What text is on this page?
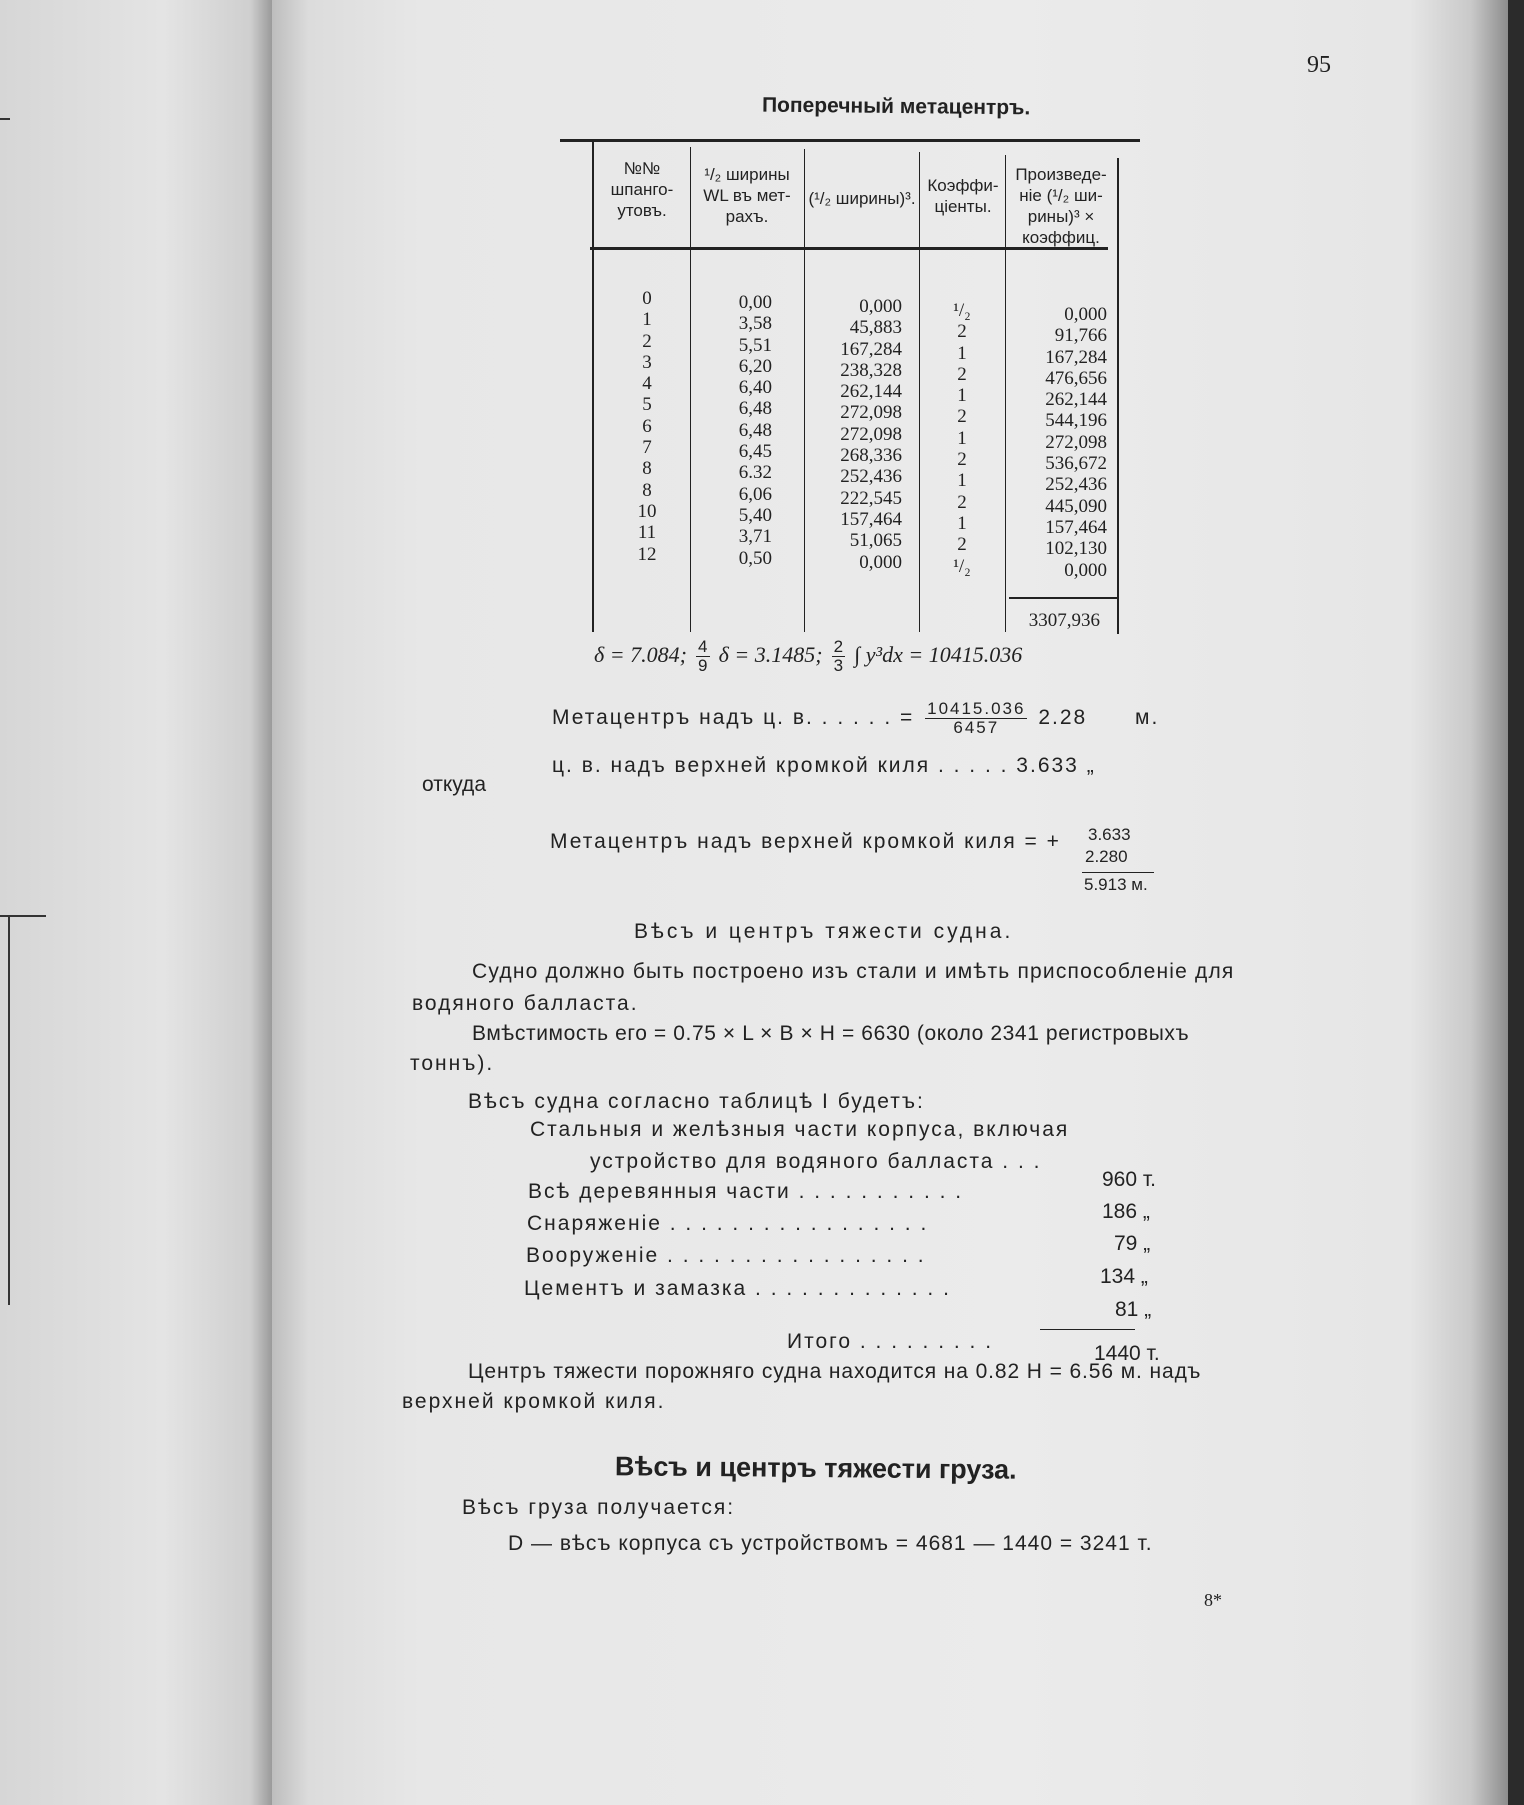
95
Поперечный метацентръ.
№№ шпанго-утовъ.
¹/₂ ширины WL въ мет-рахъ.
(¹/₂ ширины)³.
Коэффи-ціенты.
Произведе-ніе (¹/₂ ши-рины)³ × коэффиц.
0
1
2
3
4
5
6
7
8
8
10
11
12
0,00
3,58
5,51
6,20
6,40
6,48
6,48
6,45
6.32
6,06
5,40
3,71
0,50
0,000
45,883
167,284
238,328
262,144
272,098
272,098
268,336
252,436
222,545
157,464
51,065
0,000
¹/₂
2
1
2
1
2
1
2
1
2
1
2
¹/₂
0,000
91,766
167,284
476,656
262,144
544,196
272,098
536,672
252,436
445,090
157,464
102,130
0,000
3307,936
δ = 7.084; $\frac{4}{9}$ δ = 3.1485; $\frac{2}{3}$ ∫ y³dx = 10415.036
Метацентръ надъ ц. в. . . . . . = $\frac{10415.036}{6457} 2.28$ м.
ц. в. надъ верхней кромкой киля . . . . . 3.633 „
откуда
Метацентръ надъ верхней кромкой киля = + 3.633
2.280
5.913 м.
Вѣсъ и центръ тяжести судна.
Судно должно быть построено изъ стали и имѣть приспособленіе для
водяного балласта.
Вмѣстимость его = 0.75 × L × B × H = 6630 (около 2341 регистровыхъ
тоннъ).
Вѣсъ судна согласно таблицѣ I будетъ:
Стальныя и желѣзныя части корпуса, включая
устройство для водяного балласта . . .
960 т.
Всѣ деревянныя части . . . . . . . . . . .
186 „
Снаряженіе . . . . . . . . . . . . . . . . .
79 „
Вооруженіе . . . . . . . . . . . . . . . . .
134 „
Цементъ и замазка . . . . . . . . . . . . .
81 „
Итого . . . . . . . . .
1440 т.
Центръ тяжести порожняго судна находится на 0.82 H = 6.56 м. надъ
верхней кромкой киля.
Вѣсъ и центръ тяжести груза.
Вѣсъ груза получается:
D — вѣсъ корпуса съ устройствомъ = 4681 — 1440 = 3241 т.
8*
